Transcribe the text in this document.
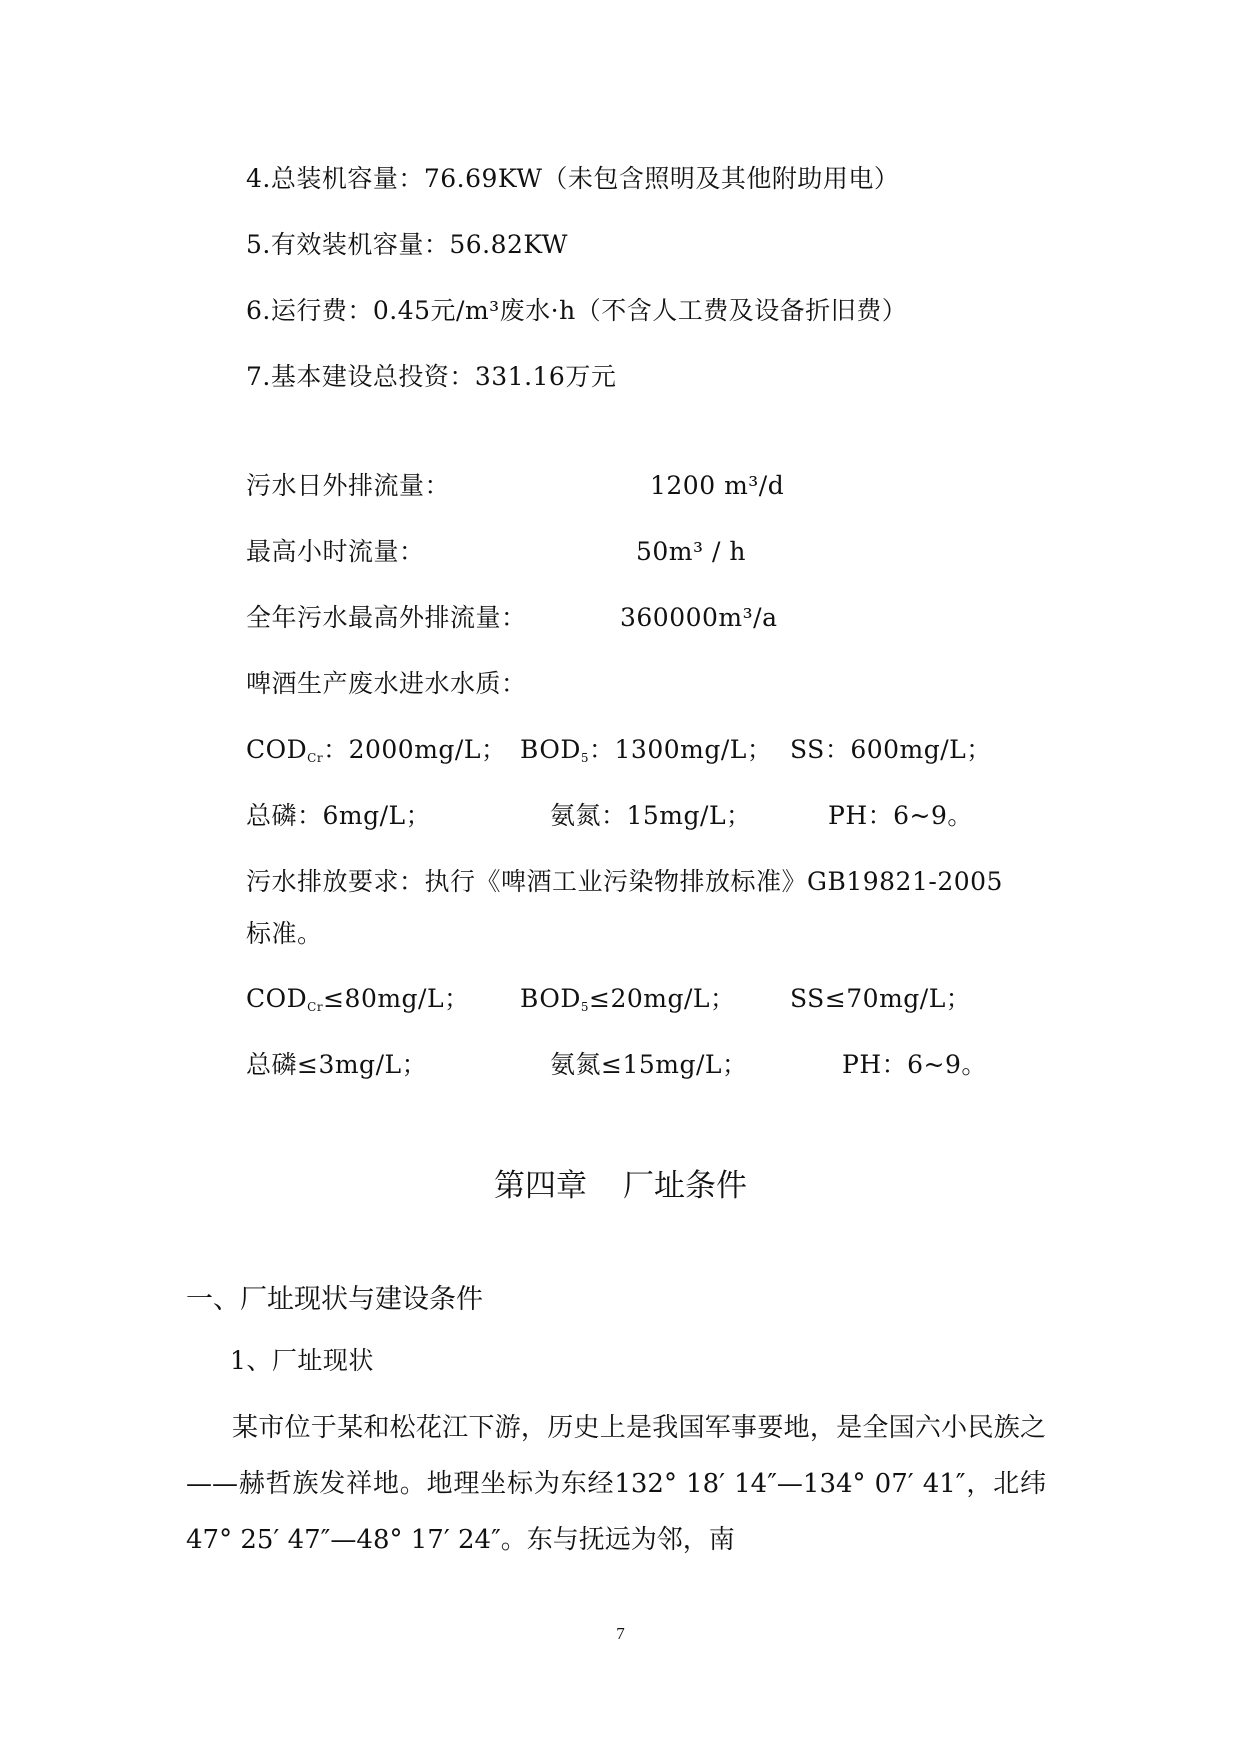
4.总装机容量：76.69KW（未包含照明及其他附助用电）
5.有效装机容量：56.82KW
6.运行费：0.45元/m³废水·h（不含人工费及设备折旧费）
7.基本建设总投资：331.16万元
污水日外排流量：	1200 m³/d
最高小时流量：	50m³ / h
全年污水最高外排流量：	360000m³/a
啤酒生产废水进水水质：
$COD_{Cr}$：2000mg/L； $BOD_5$：1300mg/L； SS：600mg/L；
总磷：6mg/L；	氨氮：15mg/L；	PH：6~9。
污水排放要求：执行《啤酒工业污染物排放标准》GB19821-2005
标准。
$COD_{Cr}\le 80mg/L$； $BOD_5\le 20mg/L$； SS≤70mg/L；
总磷≤3mg/L；	氨氮≤15mg/L；	PH：6~9。
第四章 厂址条件
一、厂址现状与建设条件
1、厂址现状
某市位于某和松花江下游，历史上是我国军事要地，是全国六小民族之——赫哲族发祥地。地理坐标为东经132° 18′ 14″—134° 07′ 41″，北纬47° 25′ 47″—48° 17′ 24″。东与抚远为邻，南
7
